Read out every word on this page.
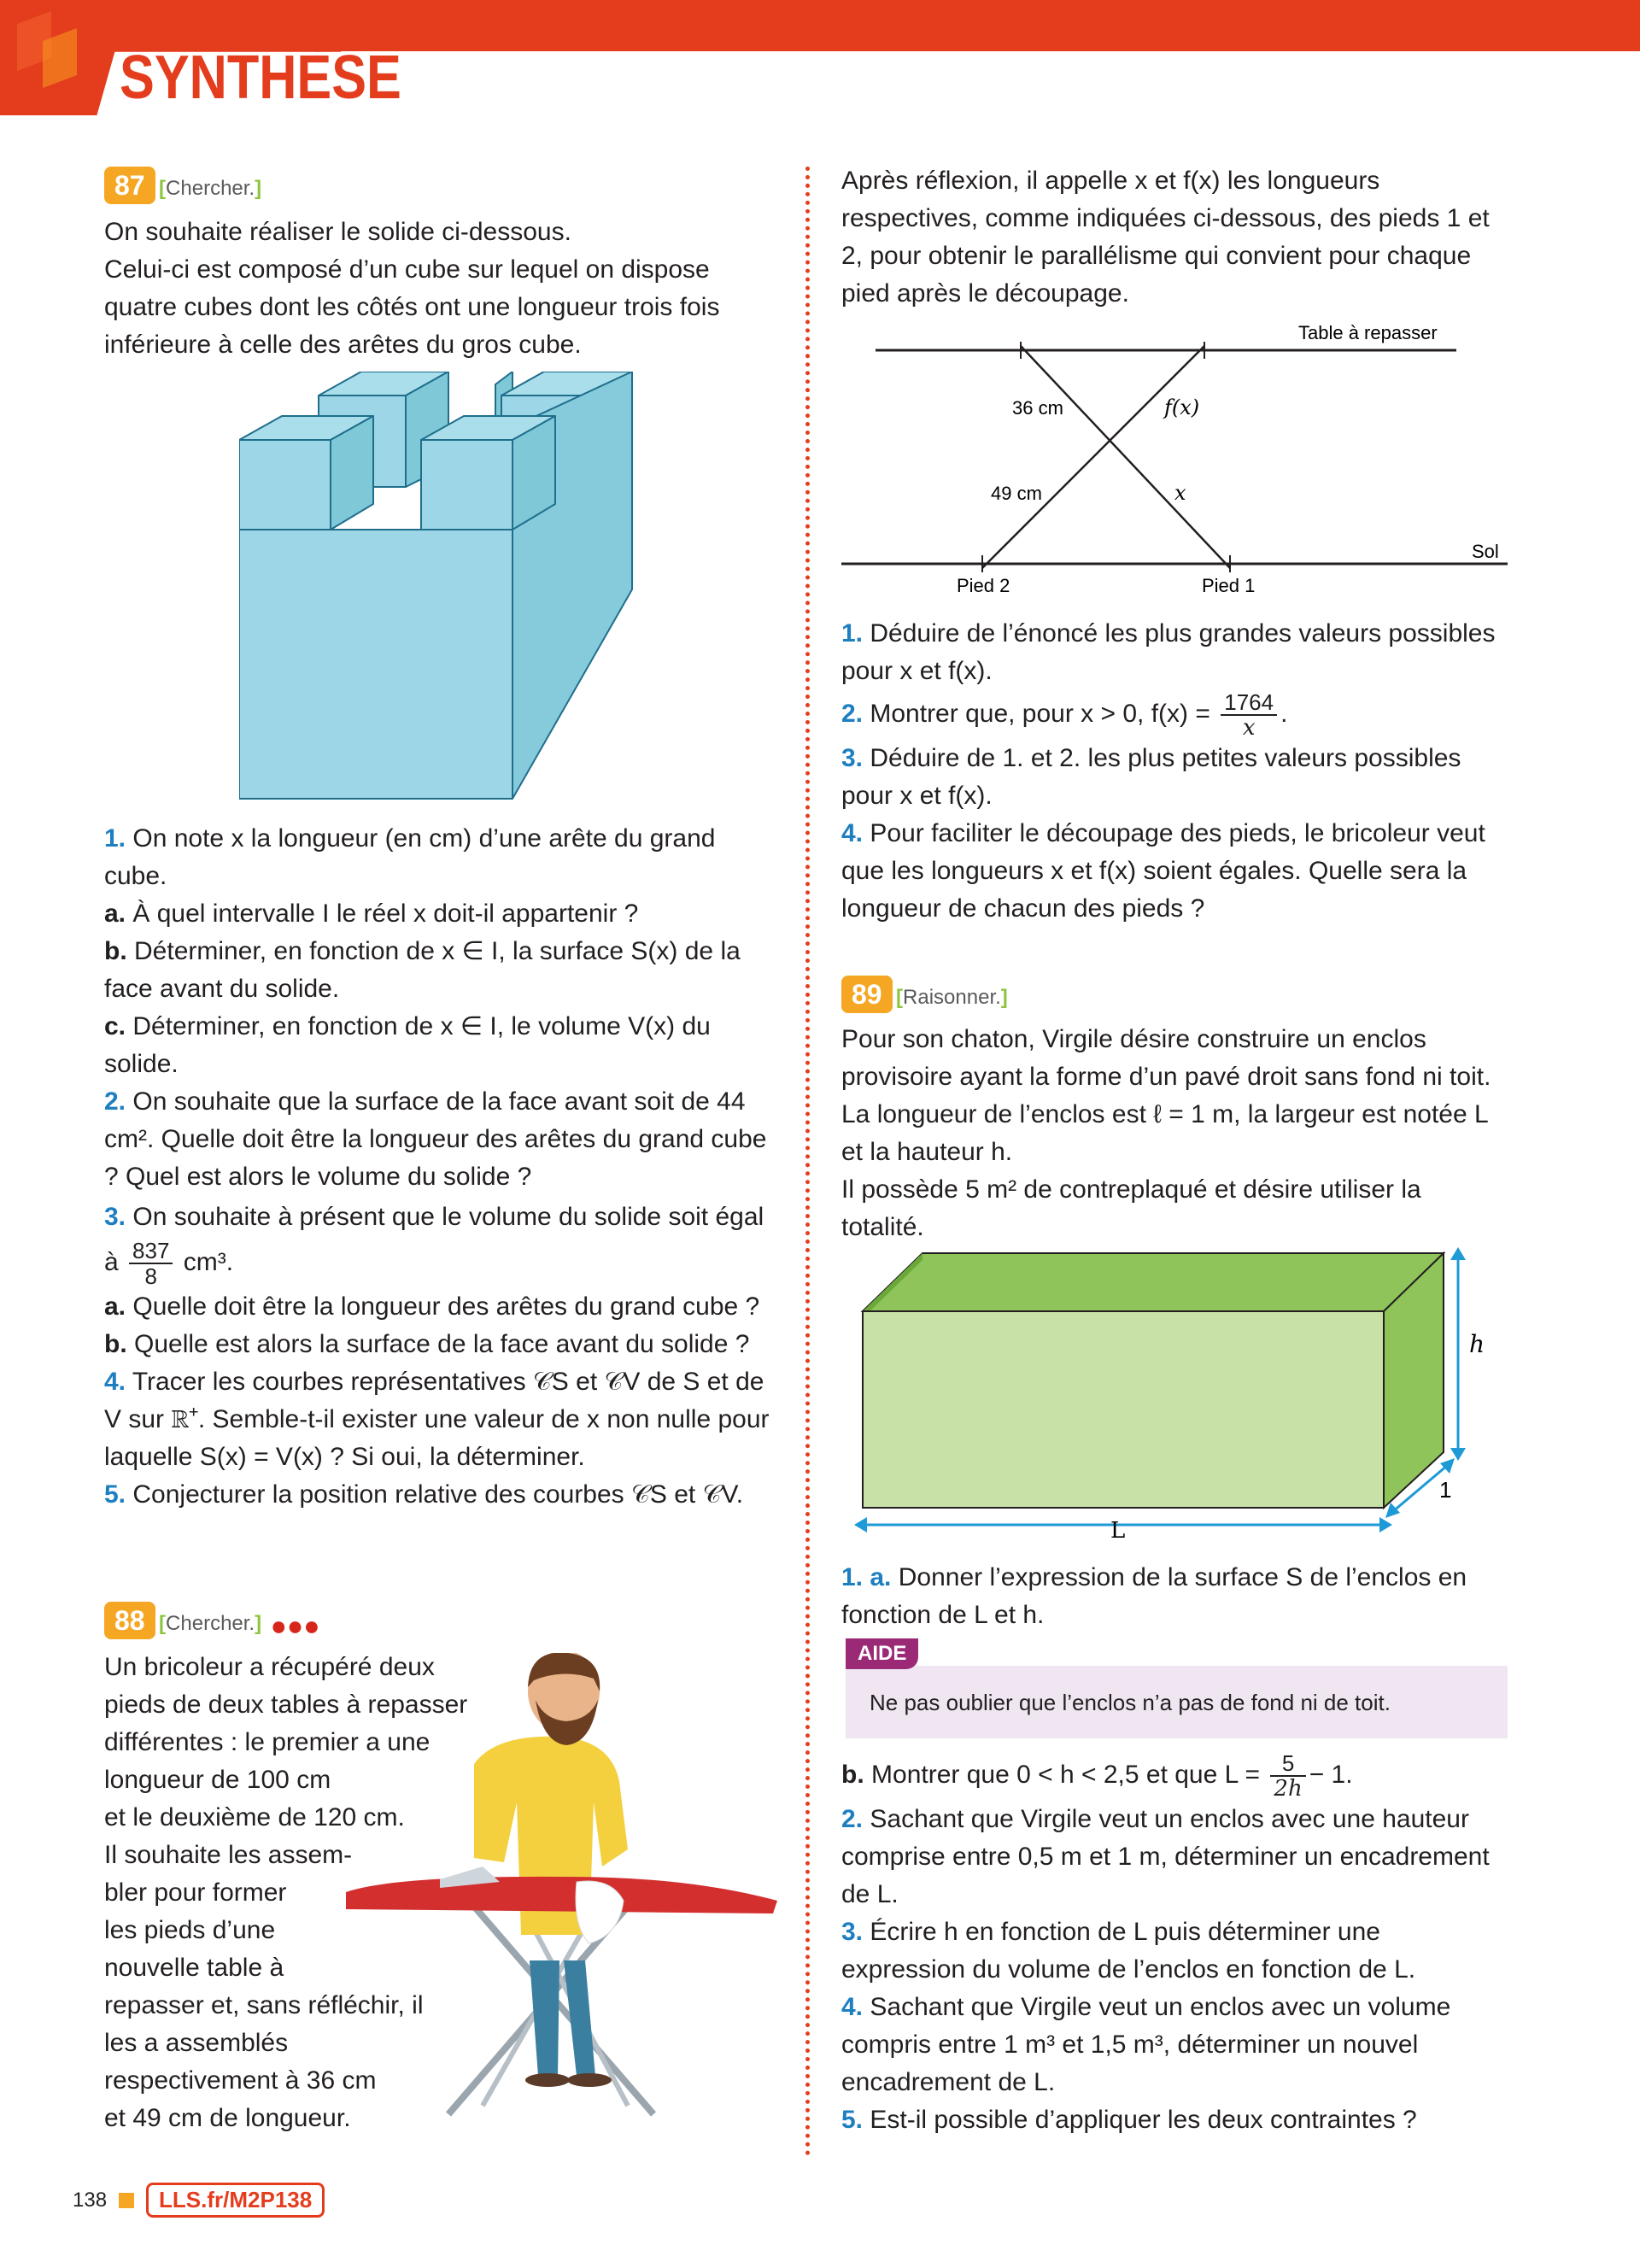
SYNTHÈSE
87 [Chercher.]

On souhaite réaliser le solide ci-dessous.

Celui-ci est composé d’un cube sur lequel on dispose quatre cubes dont les côtés ont une longueur trois fois inférieure à celle des arêtes du gros cube.

1. On note x la longueur (en cm) d’une arête du grand cube.

a. À quel intervalle I le réel x doit-il appartenir ?

b. Déterminer, en fonction de x ∈ I, la surface S(x) de la face avant du solide.

c. Déterminer, en fonction de x ∈ I, le volume V(x) du solide.

2. On souhaite que la surface de la face avant soit de 44 cm². Quelle doit être la longueur des arêtes du grand cube ? Quel est alors le volume du solide ?

3. On souhaite à présent que le volume du solide soit égal à $\frac{837}{8} cm^3$.

a. Quelle doit être la longueur des arêtes du grand cube ?

b. Quelle est alors la surface de la face avant du solide ?

4. Tracer les courbes représentatives 𝒞S et 𝒞V de S et de V sur ℝ⁺. Semble-t-il exister une valeur de x non nulle pour laquelle S(x) = V(x) ? Si oui, la déterminer.

5. Conjecturer la position relative des courbes 𝒞S et 𝒞V.

88 [Chercher.] ●●●

Un bricoleur a récupéré deux

pieds de deux tables à repasser

différentes : le premier a une

longueur de 100 cm

et le deuxième de 120 cm.

Il souhaite les assem-

bler pour former

les pieds d’une

nouvelle table à

repasser et, sans réfléchir, il

les a assemblés

respectivement à 36 cm

et 49 cm de longueur.

Après réflexion, il appelle x et f(x) les longueurs respectives, comme indiquées ci-dessous, des pieds 1 et 2, pour obtenir le parallélisme qui convient pour chaque pied après le découpage.
Table à repasser
Sol
36 cm
49 cm
f(x)
x
Pied 2	Pied 1

1. Déduire de l’énoncé les plus grandes valeurs possibles pour x et f(x).

2. Montrer que, pour x > 0, $f(x) = \frac{1764}{x}$ .

3. Déduire de 1. et 2. les plus petites valeurs possibles pour x et f(x).

4. Pour faciliter le découpage des pieds, le bricoleur veut que les longueurs x et f(x) soient égales. Quelle sera la longueur de chacun des pieds ?

89 [Raisonner.]

Pour son chaton, Virgile désire construire un enclos provisoire ayant la forme d’un pavé droit sans fond ni toit. La longueur de l’enclos est ℓ = 1 m, la largeur est notée L et la hauteur h.

Il possède 5 m² de contreplaqué et désire utiliser la totalité.

h
1
L

1. a. Donner l’expression de la surface S de l’enclos en fonction de L et h.

AIDE
Ne pas oublier que l’enclos n’a pas de fond ni de toit.

b. Montrer que 0 < h < 2,5 et que $L = \frac{5}{2h} - 1$.

2. Sachant que Virgile veut un enclos avec une hauteur comprise entre 0,5 m et 1 m, déterminer un encadrement de L.

3. Écrire h en fonction de L puis déterminer une expression du volume de l’enclos en fonction de L.

4. Sachant que Virgile veut un enclos avec un volume compris entre 1 m³ et 1,5 m³, déterminer un nouvel encadrement de L.

5. Est-il possible d’appliquer les deux contraintes ?

138	LLS.fr/M2P138
